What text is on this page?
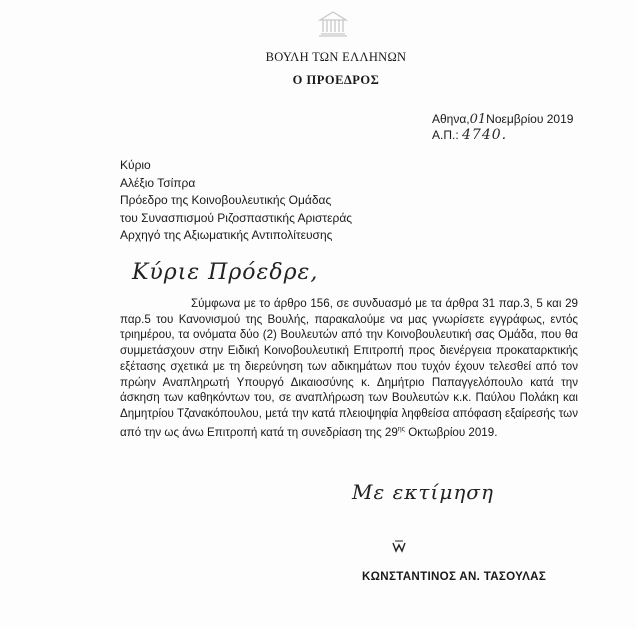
ΒΟΥΛΗ ΤΩΝ ΕΛΛΗΝΩΝ
Ο ΠΡΟΕΔΡΟΣ
Αθηνα,01Νοεμβρίου 2019
Α.Π.: 4740.
Κύριο
Αλέξιο Τσίπρα
Πρόεδρο της Κοινοβουλευτικής Ομάδας
του Συνασπισμού Ριζοσπαστικής Αριστεράς
Αρχηγό της Αξιωματικής Αντιπολίτευσης
Κύριε Πρόεδρε,
Σύμφωνα με το άρθρο 156, σε συνδυασμό με τα άρθρα 31 παρ.3, 5 και 29 παρ.5 του Κανονισμού της Βουλής, παρακαλούμε να μας γνωρίσετε εγγράφως, εντός τριημέρου, τα ονόματα δύο (2) Βουλευτών από την Κοινοβουλευτική σας Ομάδα, που θα συμμετάσχουν στην Ειδική Κοινοβουλευτική Επιτροπή προς διενέργεια προκαταρκτικής εξέτασης σχετικά με τη διερεύνηση των αδικημάτων που τυχόν έχουν τελεσθεί από τον πρώην Αναπληρωτή Υπουργό Δικαιοσύνης κ. Δημήτριο Παπαγγελόπουλο κατά την άσκηση των καθηκόντων του, σε αναπλήρωση των Βουλευτών κ.κ. Παύλου Πολάκη και Δημητρίου Τζανακόπουλου, μετά την κατά πλειοψηφία ληφθείσα απόφαση εξαίρεσής των από την ως άνω Επιτροπή κατά τη συνεδρίαση της $29^{\eta\varsigma}$ Οκτωβρίου 2019.
Με εκτίμηση
ΚΩΝΣΤΑΝΤΙΝΟΣ ΑΝ. ΤΑΣΟΥΛΑΣ
